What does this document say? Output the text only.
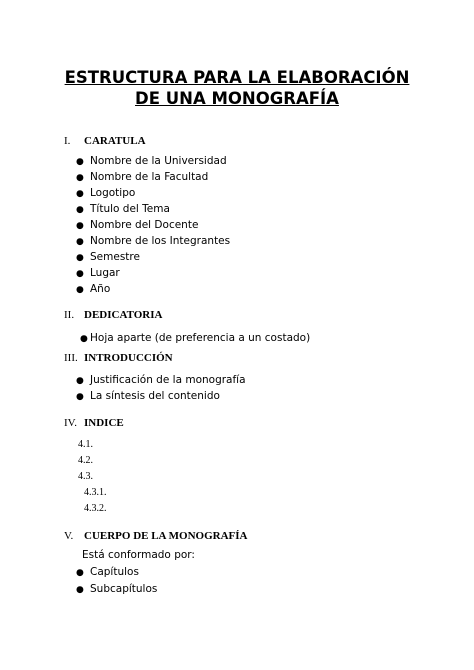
ESTRUCTURA PARA LA ELABORACIÓN
DE UNA MONOGRAFÍA
I. CARATULA
● Nombre de la Universidad
● Nombre de la Facultad
● Logotipo
● Título del Tema
● Nombre del Docente
● Nombre de los Integrantes
● Semestre
● Lugar
● Año
II. DEDICATORIA
● Hoja aparte (de preferencia a un costado)
III. INTRODUCCIÓN
● Justificación de la monografía
● La síntesis del contenido
IV. INDICE
4.1.
4.2.
4.3.
4.3.1.
4.3.2.
V. CUERPO DE LA MONOGRAFÍA
Está conformado por:
● Capítulos
● Subcapítulos
